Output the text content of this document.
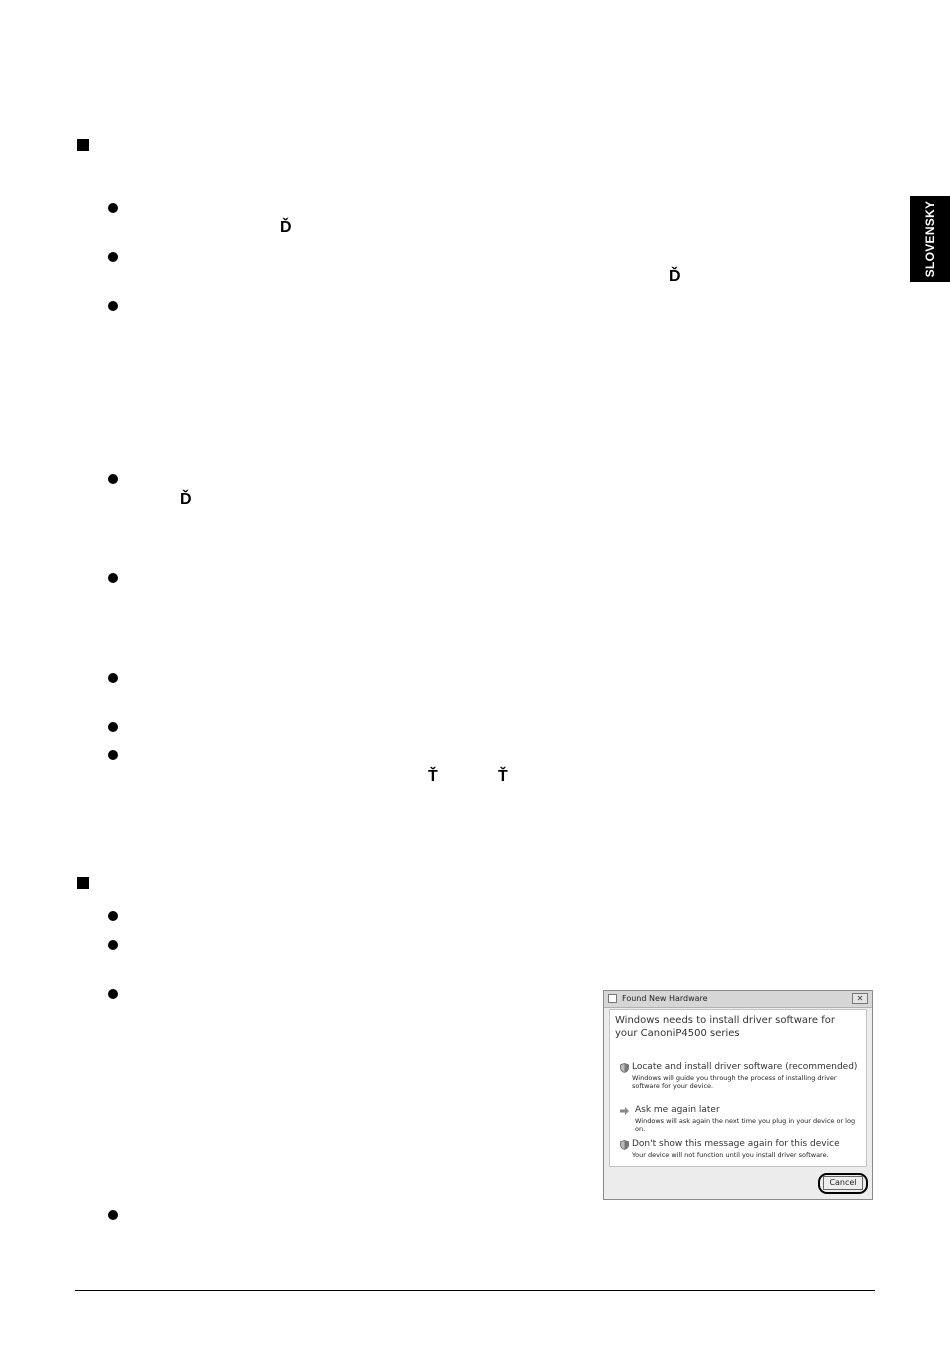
Ď
Ď
Ď
Ť	Ť
SLOVENSKY
Found New Hardware	✕
Windows needs to install driver software for your CanoniP4500 series
Locate and install driver software (recommended)
Windows will guide you through the process of installing driver software for your device.
Ask me again later
Windows will ask again the next time you plug in your device or log on.
Don't show this message again for this device
Your device will not function until you install driver software.
Cancel
